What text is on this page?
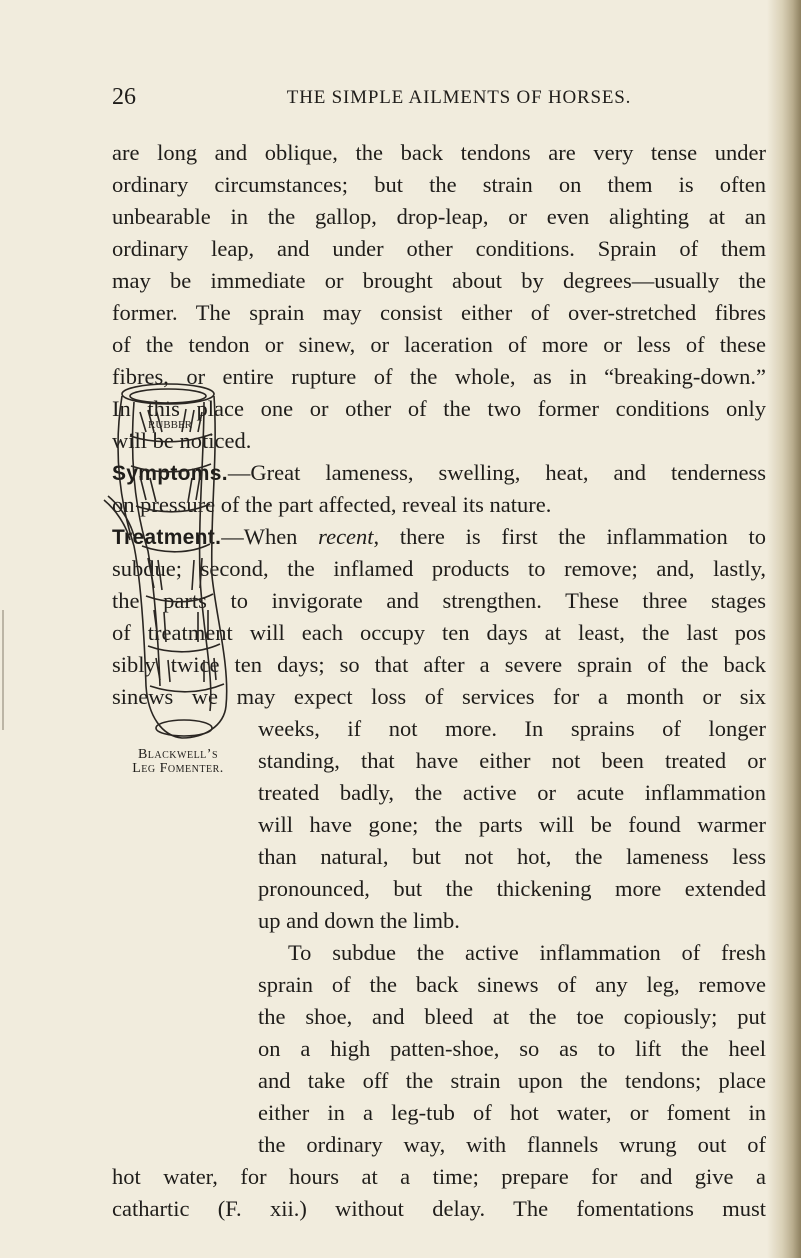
26	THE SIMPLE AILMENTS OF HORSES.
are long and oblique, the back tendons are very tense under
ordinary circumstances; but the strain on them is often
unbearable in the gallop, drop-leap, or even alighting at an
ordinary leap, and under other conditions. Sprain of them
may be immediate or brought about by degrees—usually the
former. The sprain may consist either of over-stretched fibres
of the tendon or sinew, or laceration of more or less of these
fibres, or entire rupture of the whole, as in “breaking-down.”
In this place one or other of the two former conditions only
will be noticed.
Symptoms.—Great lameness, swelling, heat, and tenderness
on pressure of the part affected, reveal its nature.
Treatment.—When recent, there is first the inflammation to
subdue; second, the inflamed products to remove; and, lastly,
the parts to invigorate and strengthen. These three stages
of treatment will each occupy ten days at least, the last pos
sibly twice ten days; so that after a severe sprain of the back
sinews we may expect loss of services for a month or six
weeks, if not more. In sprains of longer
standing, that have either not been treated or
treated badly, the active or acute inflammation
will have gone; the parts will be found warmer
than natural, but not hot, the lameness less
pronounced, but the thickening more extended
up and down the limb.
To subdue the active inflammation of fresh
sprain of the back sinews of any leg, remove
the shoe, and bleed at the toe copiously; put
on a high patten-shoe, so as to lift the heel
and take off the strain upon the tendons; place
either in a leg-tub of hot water, or foment in
the ordinary way, with flannels wrung out of
hot water, for hours at a time; prepare for and give a
cathartic (F. xii.) without delay. The fomentations must
RUBBER
Blackwell’s
Leg Fomenter.
